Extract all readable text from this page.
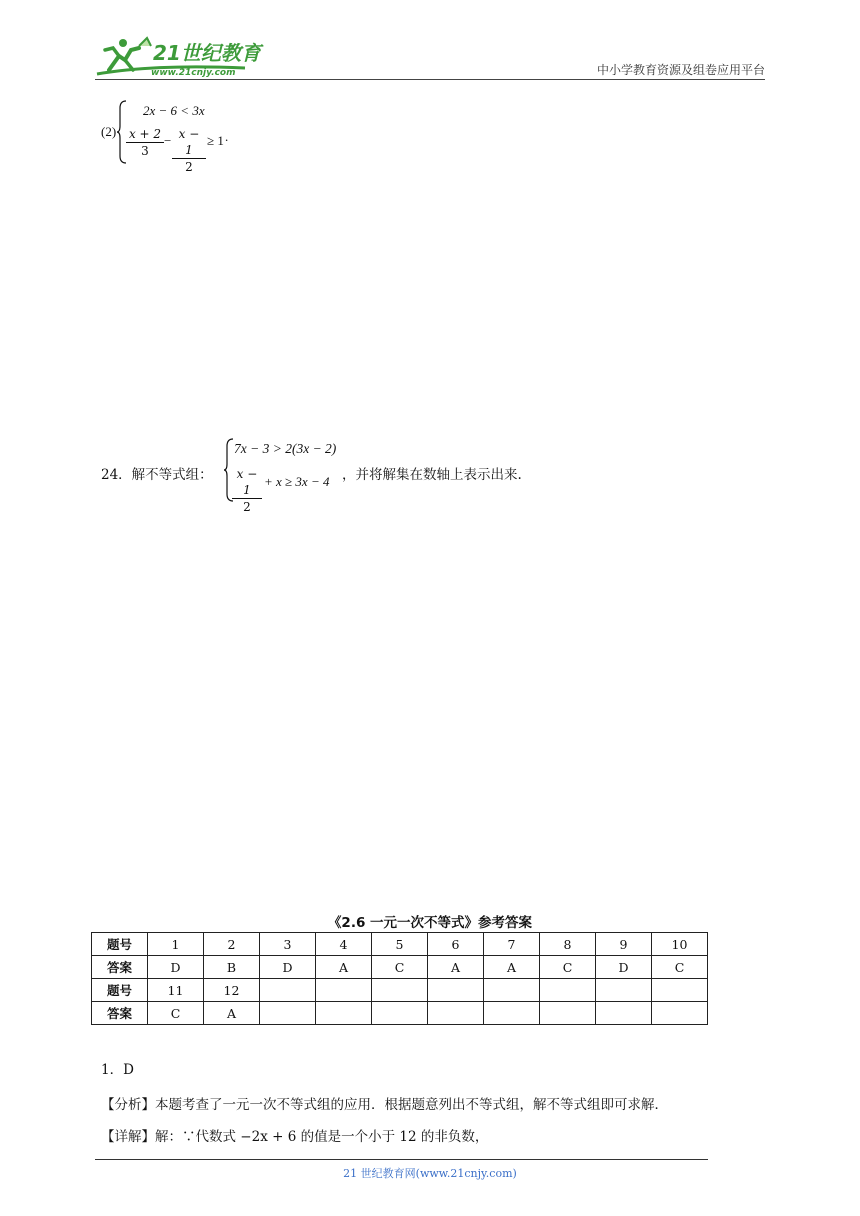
21世纪教育
www.21cnjy.com	中小学教育资源及组卷应用平台
(2)
2x − 6 < 3x
$\frac{x + 2}{3} - \frac{x - 1}{2} \ge 1$ .
24．解不等式组：
7x − 3 > 2(3x − 2)
$\frac{x - 1}{2} + x \ge 3x - 4$ ，并将解集在数轴上表示出来.
《2.6 一元一次不等式》参考答案
题号	1	2	3	4	5	6	7	8	9	10
答案	D	B	D	A	C	A	A	C	D	C
题号	11	12								
答案	C	A								
1．D
【分析】本题考查了一元一次不等式组的应用．根据题意列出不等式组，解不等式组即可求解．
【详解】解：∵代数式 −2x + 6 的值是一个小于 12 的非负数，
21 世纪教育网(www.21cnjy.com)
